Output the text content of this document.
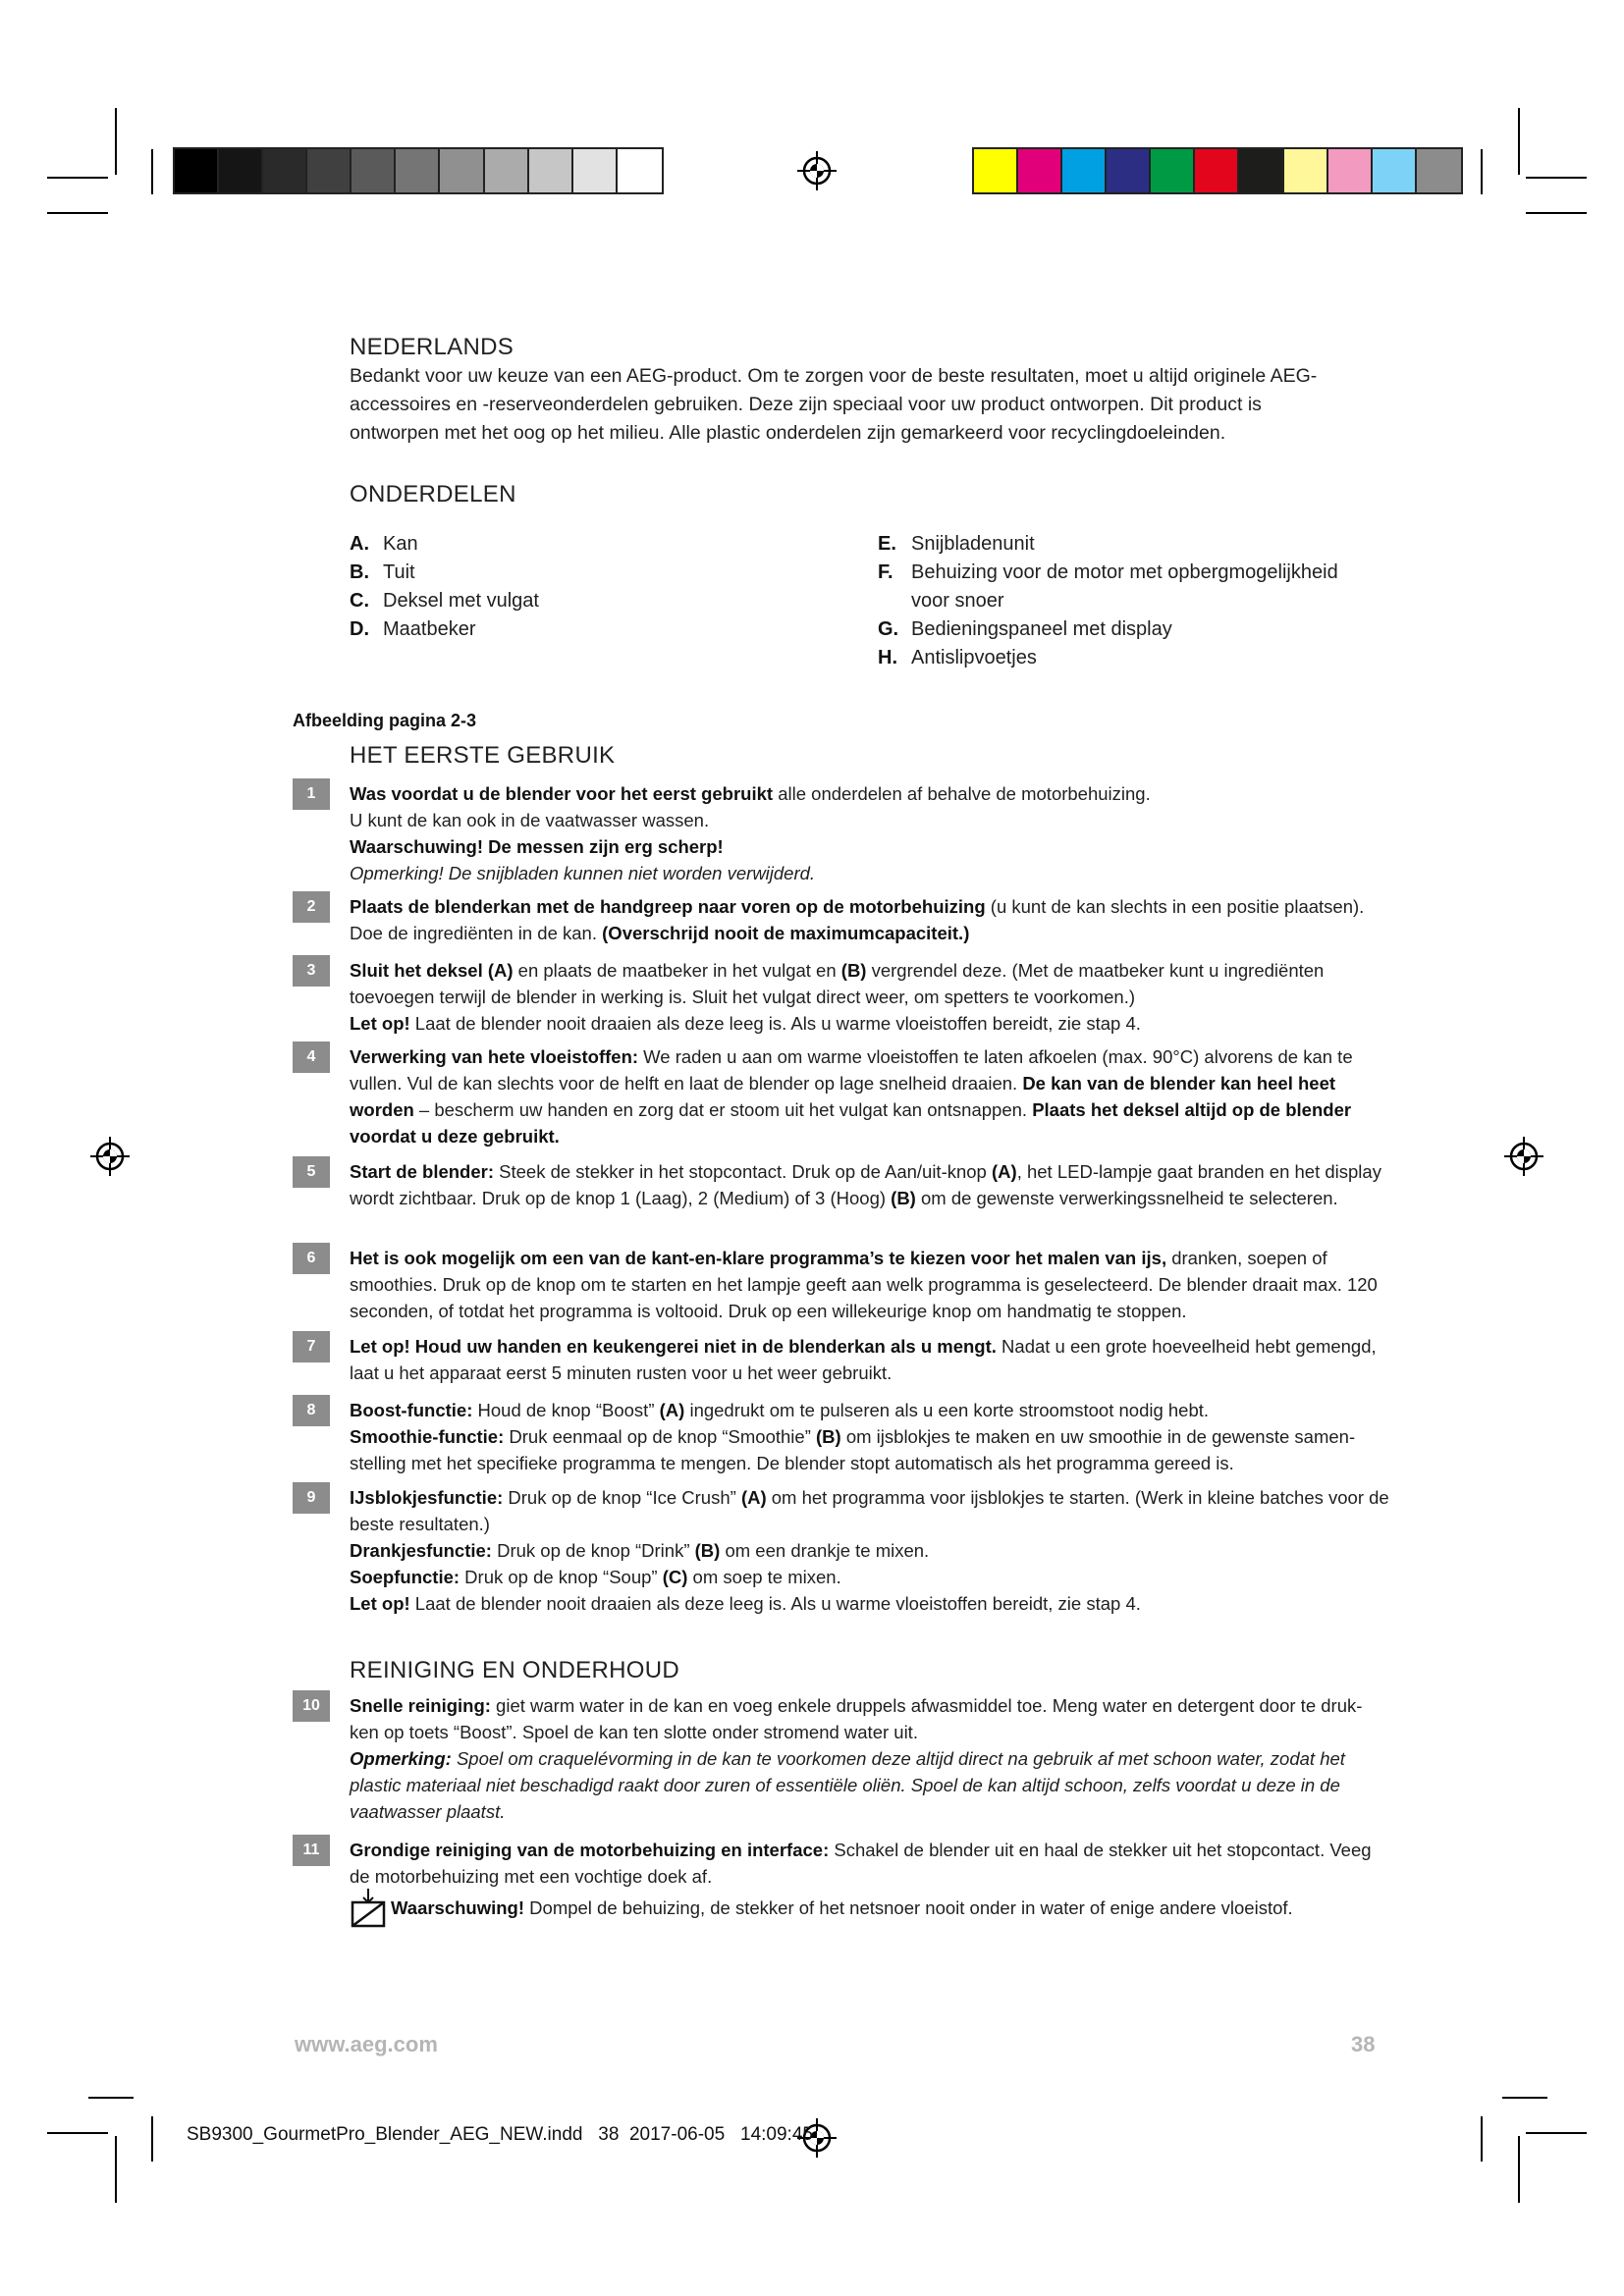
NEDERLANDS

Bedankt voor uw keuze van een AEG-product. Om te zorgen voor de beste resultaten, moet u altijd originele AEG-accessoires en -reserveonderdelen gebruiken. Deze zijn speciaal voor uw product ontworpen. Dit product is ontworpen met het oog op het milieu. Alle plastic onderdelen zijn gemarkeerd voor recyclingdoeleinden.

ONDERDELEN
A. Kan
B. Tuit
C. Deksel met vulgat
D. Maatbeker
E. Snijbladenunit
F. Behuizing voor de motor met opbergmogelijkheid voor snoer
G. Bedieningspaneel met display
H. Antislipvoetjes
Afbeelding pagina 2-3
HET EERSTE GEBRUIK
1	Was voordat u de blender voor het eerst gebruikt alle onderdelen af behalve de motorbehuizing.

U kunt de kan ook in de vaatwasser wassen.

Waarschuwing! De messen zijn erg scherp!

Opmerking! De snijbladen kunnen niet worden verwijderd.

2	Plaats de blenderkan met de handgreep naar voren op de motorbehuizing (u kunt de kan slechts in een positie plaatsen). Doe de ingrediënten in de kan. (Overschrijd nooit de maximumcapaciteit.)

3	Sluit het deksel (A) en plaats de maatbeker in het vulgat en (B) vergrendel deze. (Met de maatbeker kunt u ingrediënten toevoegen terwijl de blender in werking is. Sluit het vulgat direct weer, om spetters te voorkomen.)

Let op! Laat de blender nooit draaien als deze leeg is. Als u warme vloeistoffen bereidt, zie stap 4.

4	Verwerking van hete vloeistoffen: We raden u aan om warme vloeistoffen te laten afkoelen (max. 90°C) alvorens de kan te vullen. Vul de kan slechts voor de helft en laat de blender op lage snelheid draaien. De kan van de blender kan heel heet worden – bescherm uw handen en zorg dat er stoom uit het vulgat kan ontsnappen. Plaats het deksel altijd op de blender voordat u deze gebruikt.

5	Start de blender: Steek de stekker in het stopcontact. Druk op de Aan/uit-knop (A), het LED-lampje gaat branden en het display wordt zichtbaar. Druk op de knop 1 (Laag), 2 (Medium) of 3 (Hoog) (B) om de gewenste verwerkingssnelheid te selecteren.

6	Het is ook mogelijk om een van de kant-en-klare programma’s te kiezen voor het malen van ijs, dranken, soepen of smoothies. Druk op de knop om te starten en het lampje geeft aan welk programma is geselecteerd. De blender draait max. 120 seconden, of totdat het programma is voltooid. Druk op een willekeurige knop om handmatig te stoppen.

7	Let op! Houd uw handen en keukengerei niet in de blenderkan als u mengt. Nadat u een grote hoeveelheid hebt gemengd, laat u het apparaat eerst 5 minuten rusten voor u het weer gebruikt.

8	Boost-functie: Houd de knop “Boost” (A) ingedrukt om te pulseren als u een korte stroomstoot nodig hebt.

Smoothie-functie: Druk eenmaal op de knop “Smoothie” (B) om ijsblokjes te maken en uw smoothie in de gewenste samen-stelling met het specifieke programma te mengen. De blender stopt automatisch als het programma gereed is.

9	IJsblokjesfunctie: Druk op de knop “Ice Crush” (A) om het programma voor ijsblokjes te starten. (Werk in kleine batches voor de beste resultaten.)

Drankjesfunctie: Druk op de knop “Drink” (B) om een drankje te mixen.

Soepfunctie: Druk op de knop “Soup” (C) om soep te mixen.

Let op! Laat de blender nooit draaien als deze leeg is. Als u warme vloeistoffen bereidt, zie stap 4.

REINIGING EN ONDERHOUD
10	Snelle reiniging: giet warm water in de kan en voeg enkele druppels afwasmiddel toe. Meng water en detergent door te druk-ken op toets “Boost”. Spoel de kan ten slotte onder stromend water uit.

Opmerking: Spoel om craquelévorming in de kan te voorkomen deze altijd direct na gebruik af met schoon water, zodat het plastic materiaal niet beschadigd raakt door zuren of essentiële oliën. Spoel de kan altijd schoon, zelfs voordat u deze in de vaatwasser plaatst.

11	Grondige reiniging van de motorbehuizing en interface: Schakel de blender uit en haal de stekker uit het stopcontact. Veeg de motorbehuizing met een vochtige doek af.

Waarschuwing! Dompel de behuizing, de stekker of het netsnoer nooit onder in water of enige andere vloeistof.
www.aeg.com	38
SB9300_GourmetPro_Blender_AEG_NEW.indd   38  2017-06-05   14:09:45
